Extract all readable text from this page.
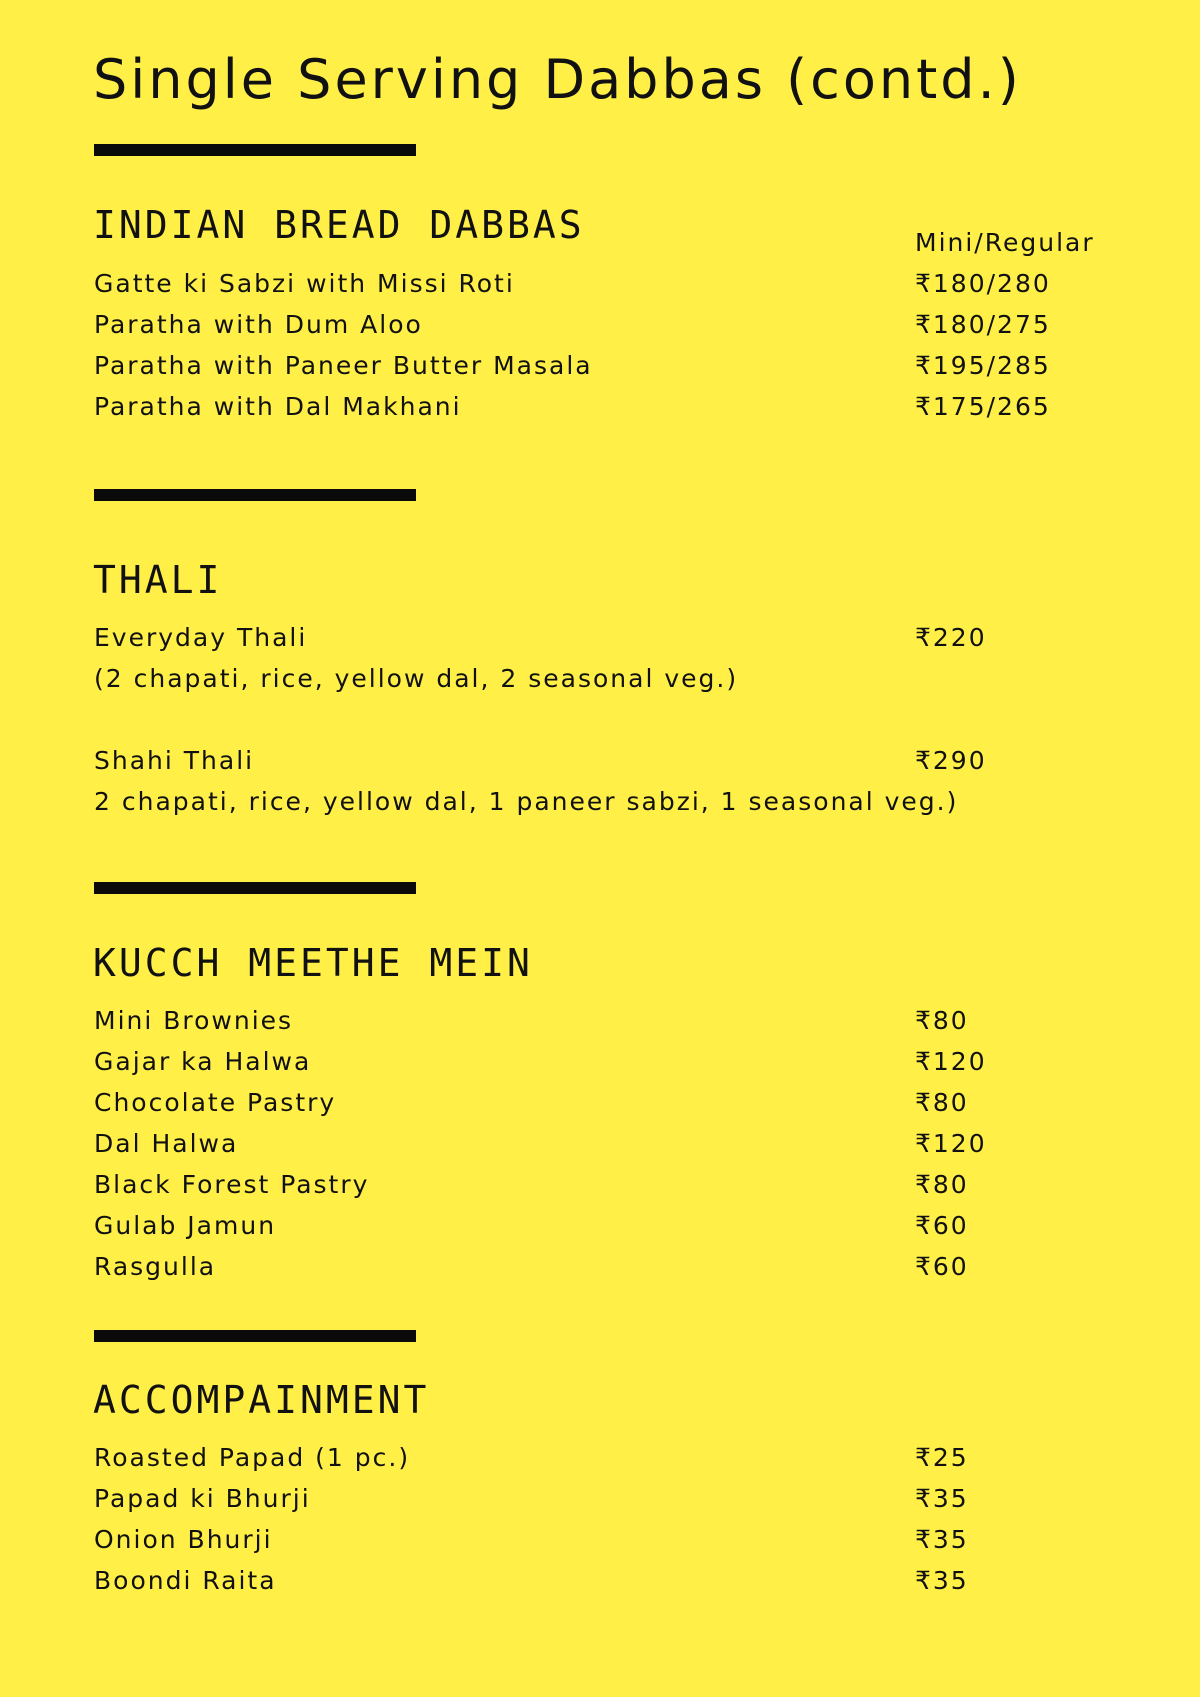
Single Serving Dabbas (contd.)
INDIAN BREAD DABBAS	Mini/Regular
Gatte ki Sabzi with Missi Roti	₹180/280
Paratha with Dum Aloo	₹180/275
Paratha with Paneer Butter Masala	₹195/285
Paratha with Dal Makhani	₹175/265
THALI
Everyday Thali	₹220
(2 chapati, rice, yellow dal, 2 seasonal veg.)
Shahi Thali	₹290
2 chapati, rice, yellow dal, 1 paneer sabzi, 1 seasonal veg.)
KUCCH MEETHE MEIN
Mini Brownies	₹80
Gajar ka Halwa	₹120
Chocolate Pastry	₹80
Dal Halwa	₹120
Black Forest Pastry	₹80
Gulab Jamun	₹60
Rasgulla	₹60
ACCOMPAINMENT
Roasted Papad (1 pc.)	₹25
Papad ki Bhurji	₹35
Onion Bhurji	₹35
Boondi Raita	₹35
